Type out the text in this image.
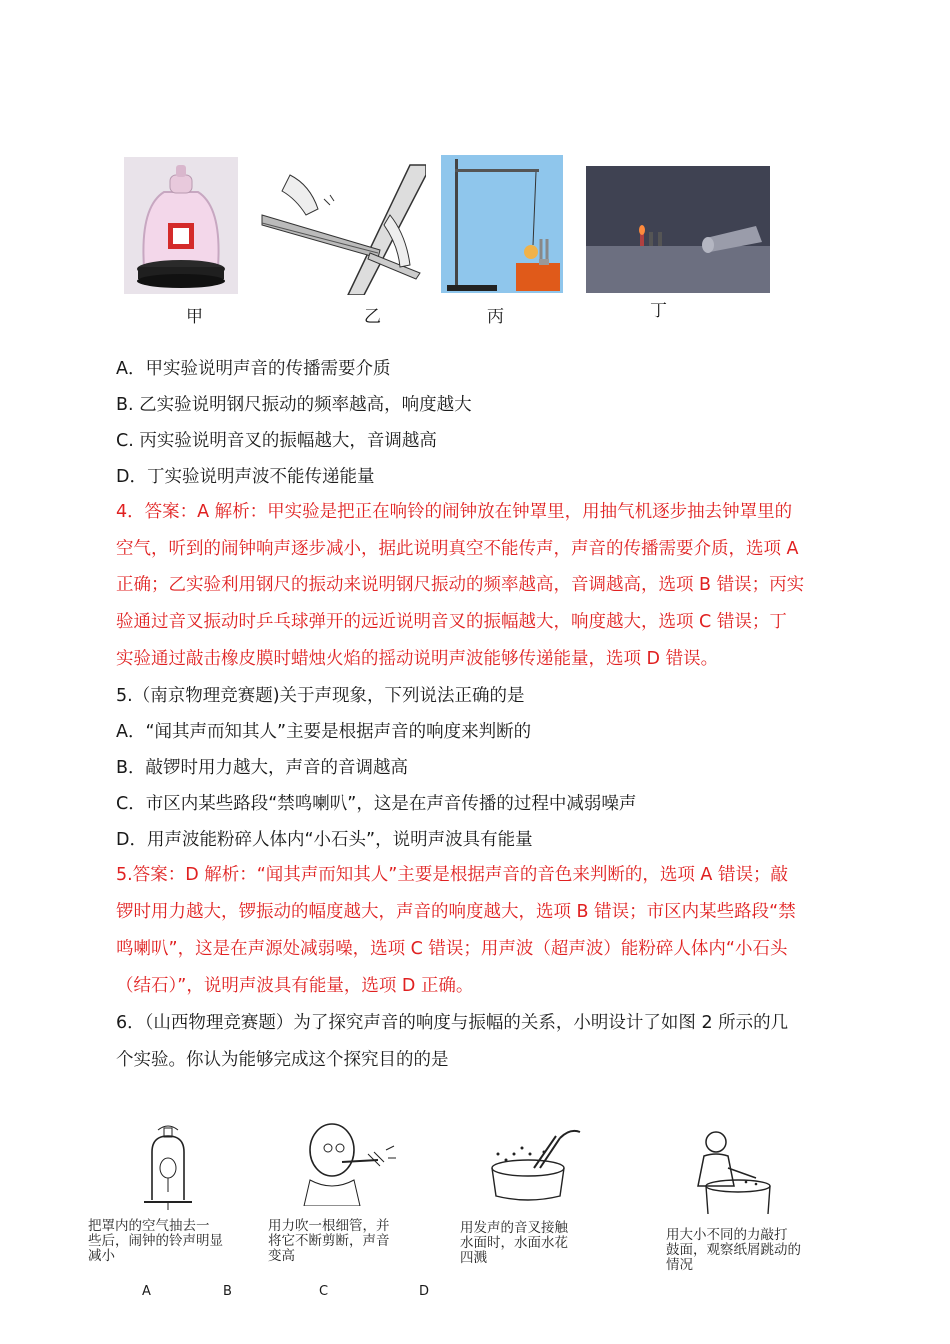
甲	乙	丙	丁
A．甲实验说明声音的传播需要介质
B. 乙实验说明钢尺振动的频率越高，响度越大
C. 丙实验说明音叉的振幅越大，音调越高
D．丁实验说明声波不能传递能量
4．答案：A 解析：甲实验是把正在响铃的闹钟放在钟罩里，用抽气机逐步抽去钟罩里的
空气，听到的闹钟响声逐步减小，据此说明真空不能传声，声音的传播需要介质，选项 A
正确；乙实验利用钢尺的振动来说明钢尺振动的频率越高，音调越高，选项 B 错误；丙实
验通过音叉振动时乒乓球弹开的远近说明音叉的振幅越大，响度越大，选项 C 错误；丁
实验通过敲击橡皮膜时蜡烛火焰的摇动说明声波能够传递能量，选项 D 错误。
5.（南京物理竞赛题)关于声现象，下列说法正确的是
A．“闻其声而知其人”主要是根据声音的响度来判断的
B．敲锣时用力越大，声音的音调越高
C．市区内某些路段“禁鸣喇叭”，这是在声音传播的过程中减弱噪声
D．用声波能粉碎人体内“小石头”，说明声波具有能量
5.答案：D 解析：“闻其声而知其人”主要是根据声音的音色来判断的，选项 A 错误；敲
锣时用力越大，锣振动的幅度越大，声音的响度越大，选项 B 错误；市区内某些路段“禁
鸣喇叭”，这是在声源处减弱噪，选项 C 错误；用声波（超声波）能粉碎人体内“小石头
（结石）”，说明声波具有能量，选项 D 正确。
6．（山西物理竞赛题）为了探究声音的响度与振幅的关系，小明设计了如图 2 所示的几
个实验。你认为能够完成这个探究目的的是
把罩内的空气抽去一
些后，闹钟的铃声明显
减小
用力吹一根细管，并
将它不断剪断，声音
变高
用发声的音叉接触
水面时，水面水花
四溅
用大小不同的力敲打
鼓面，观察纸屑跳动的
情况
A	B	C	D
